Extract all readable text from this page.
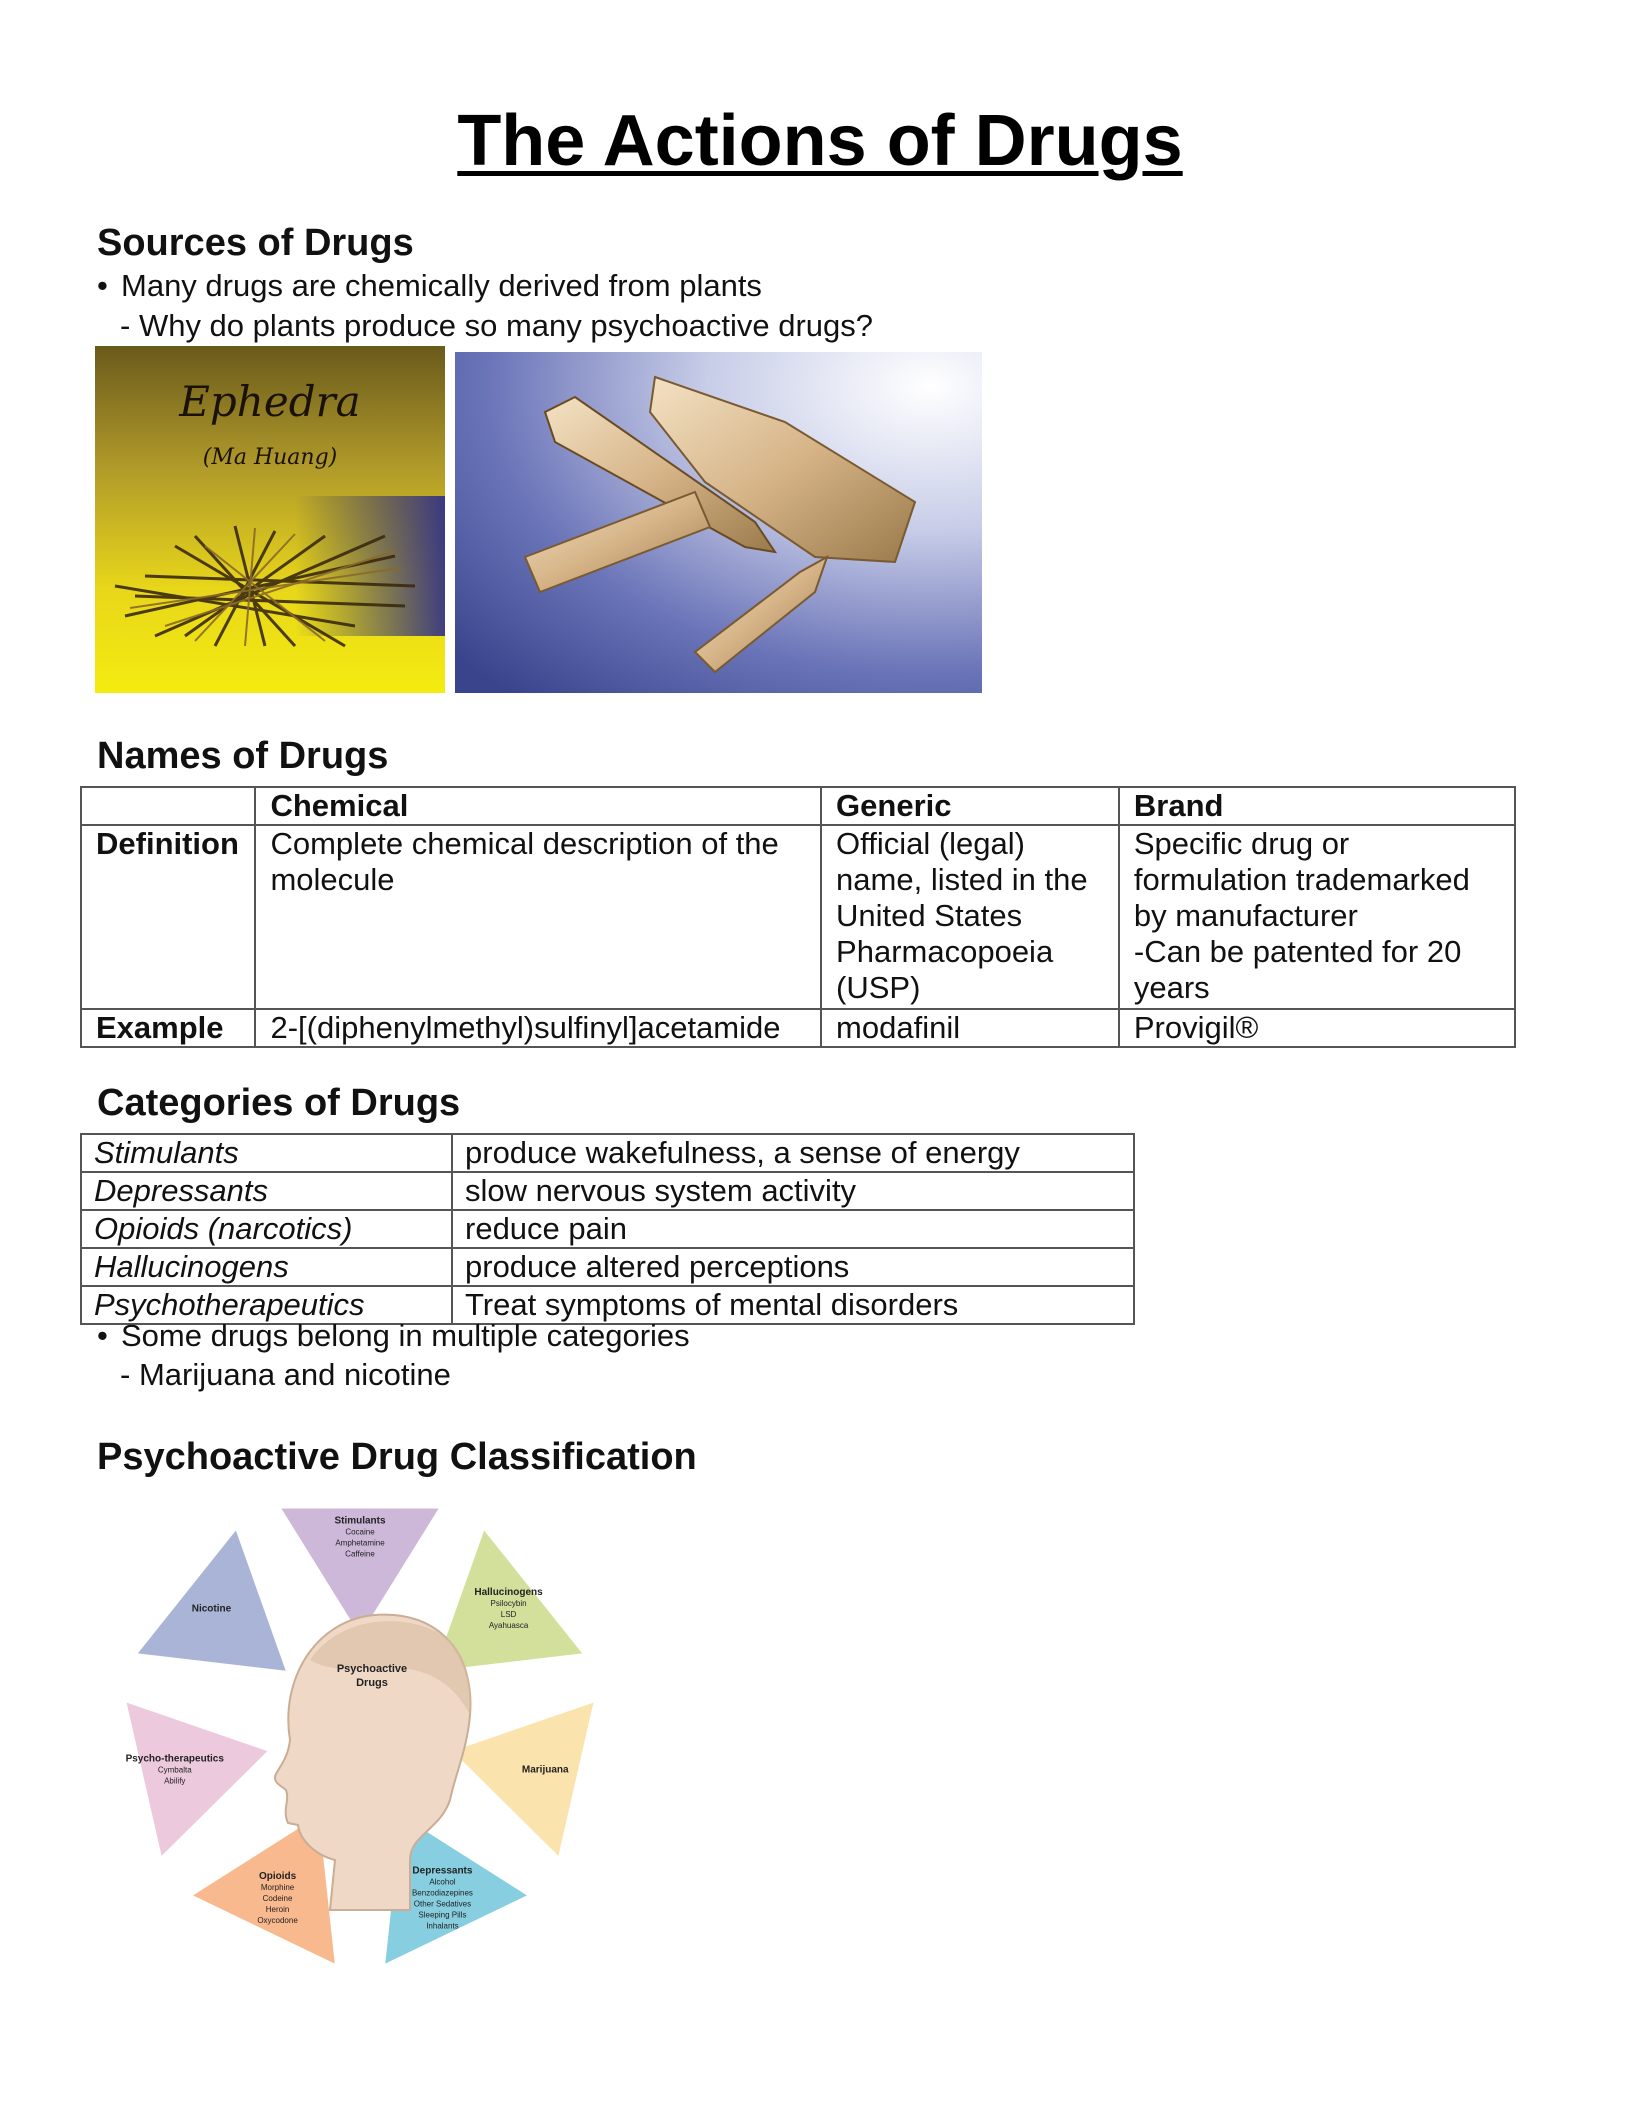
The Actions of Drugs
Sources of Drugs
• Many drugs are chemically derived from plants
- Why do plants produce so many psychoactive drugs?
Ephedra
(Ma Huang)
Names of Drugs
	Chemical	Generic	Brand
Definition	Complete chemical description of the molecule	Official (legal) name, listed in the United States Pharmacopoeia (USP)	Specific drug or formulation trademarked by manufacturer
-Can be patented for 20 years

Example	2-[(diphenylmethyl)sulfinyl]acetamide	modafinil	Provigil®
Categories of Drugs
Stimulants	produce wakefulness, a sense of energy
Depressants	slow nervous system activity
Opioids (narcotics)	reduce pain
Hallucinogens	produce altered perceptions
Psychotherapeutics	Treat symptoms of mental disorders
• Some drugs belong in multiple categories
- Marijuana and nicotine
Psychoactive Drug Classification
Stimulants
Cocaine
Amphetamine
Caffeine
Hallucinogens
Psilocybin
LSD
Ayahuasca
Marijuana
Depressants
Alcohol
Benzodiazepines
Other Sedatives
Sleeping Pills
Inhalants
Opioids
Morphine
Codeine
Heroin
Oxycodone
Psycho-therapeutics
Cymbalta
Abilify
Nicotine
Psychoactive
Drugs
